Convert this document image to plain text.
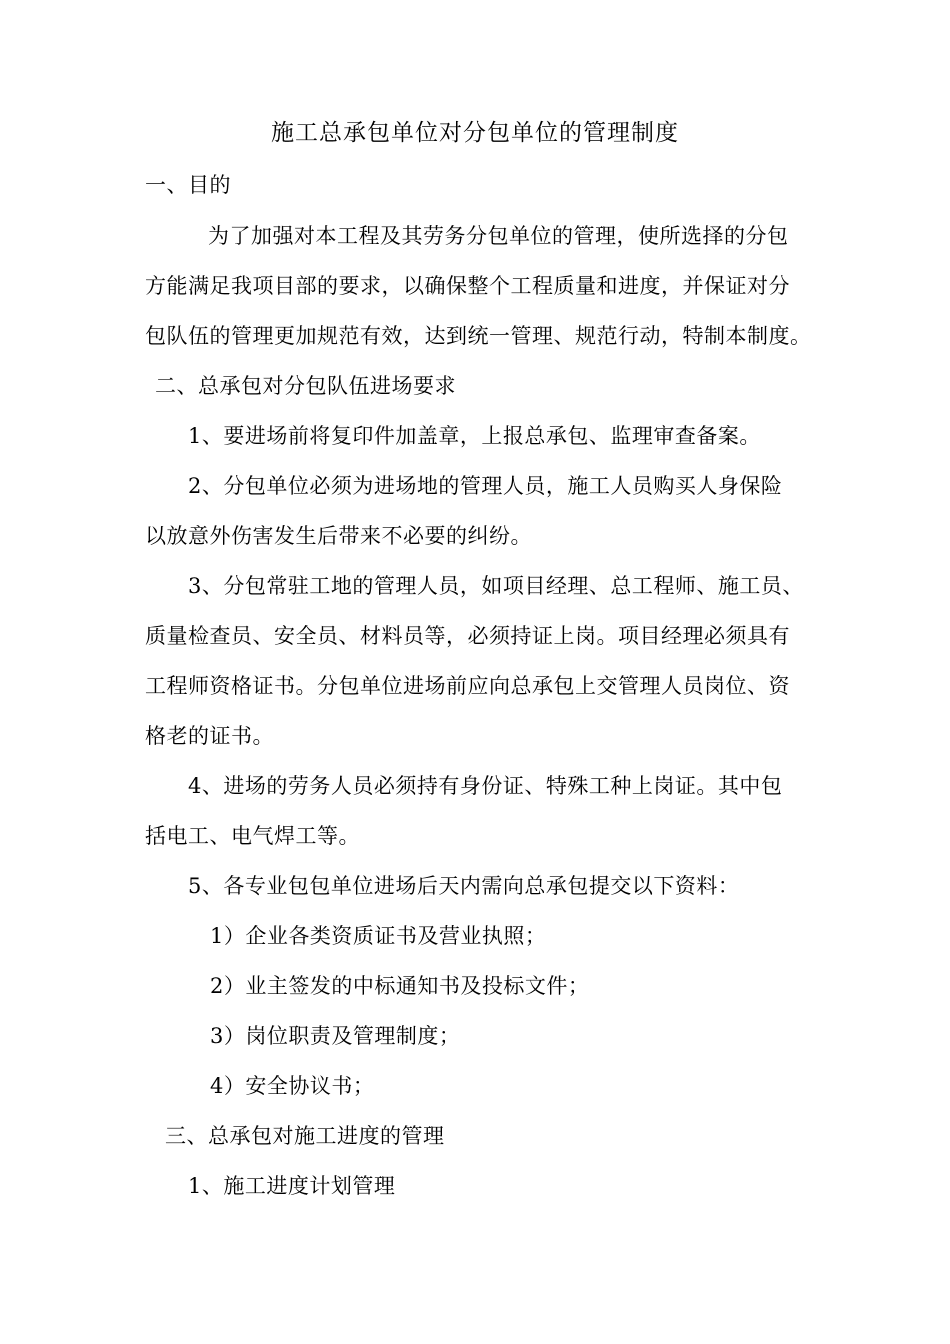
施工总承包单位对分包单位的管理制度
一、目的
为了加强对本工程及其劳务分包单位的管理，使所选择的分包
方能满足我项目部的要求，以确保整个工程质量和进度，并保证对分
包队伍的管理更加规范有效，达到统一管理、规范行动，特制本制度。
二、总承包对分包队伍进场要求
1、要进场前将复印件加盖章，上报总承包、监理审查备案。
2、分包单位必须为进场地的管理人员，施工人员购买人身保险
以放意外伤害发生后带来不必要的纠纷。
3、分包常驻工地的管理人员，如项目经理、总工程师、施工员、
质量检查员、安全员、材料员等，必须持证上岗。项目经理必须具有
工程师资格证书。分包单位进场前应向总承包上交管理人员岗位、资
格老的证书。
4、进场的劳务人员必须持有身份证、特殊工种上岗证。其中包
括电工、电气焊工等。
5、各专业包包单位进场后天内需向总承包提交以下资料：
1）企业各类资质证书及营业执照；
2）业主签发的中标通知书及投标文件；
3）岗位职责及管理制度；
4）安全协议书；
三、总承包对施工进度的管理
1、施工进度计划管理
